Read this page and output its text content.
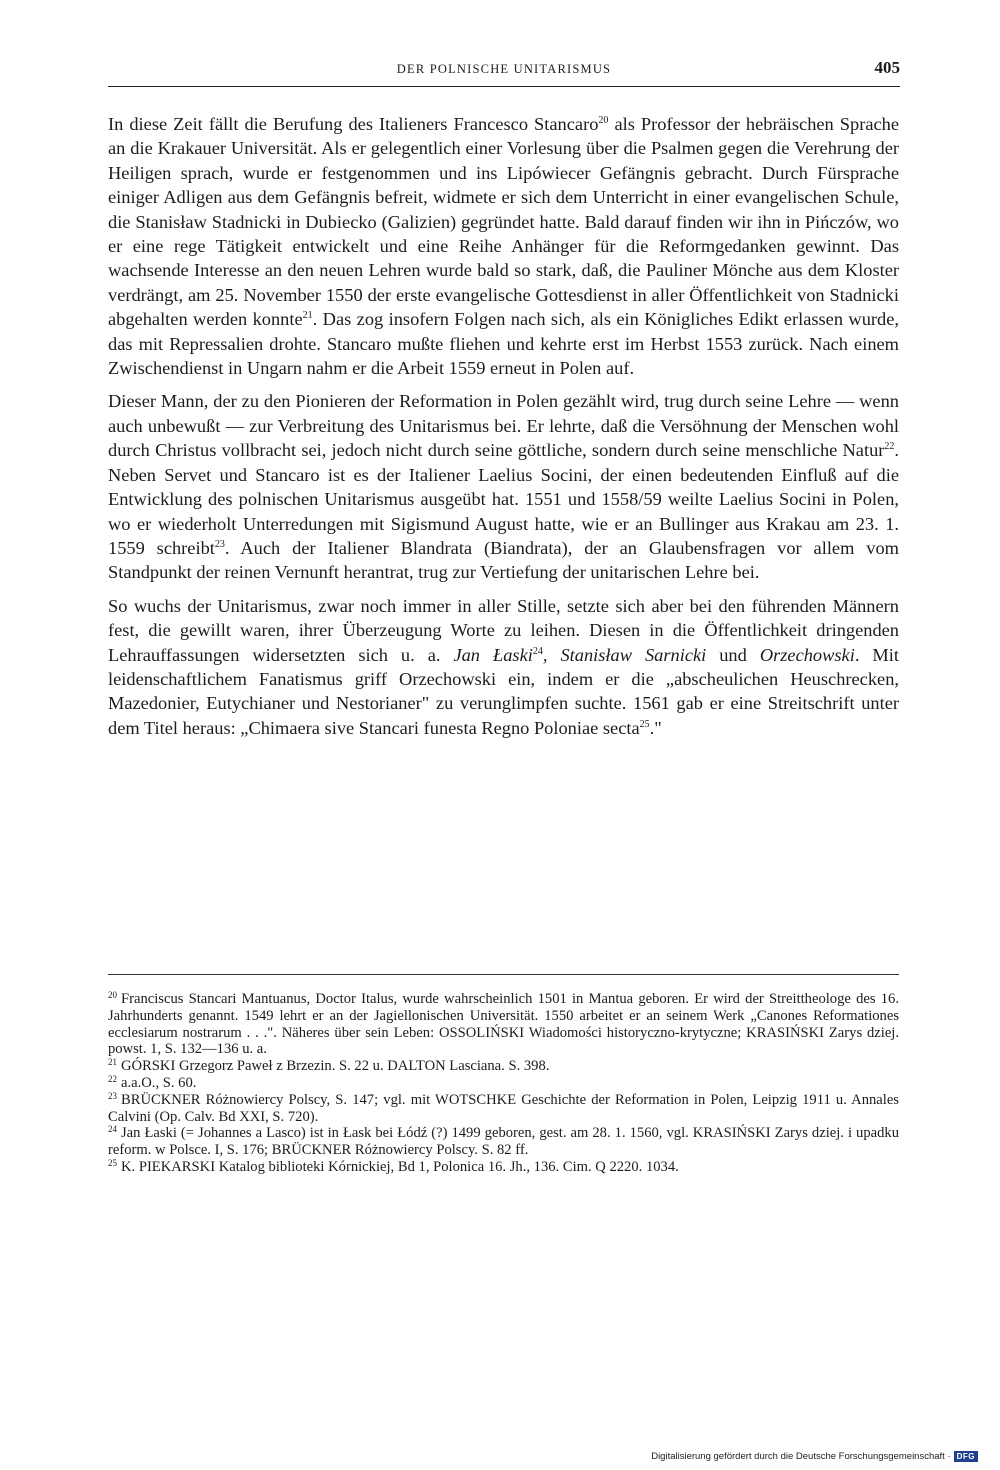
DER POLNISCHE UNITARISMUS	405

In diese Zeit fällt die Berufung des Italieners Francesco Stancaro$^{20}$ als Professor der hebräischen Sprache an die Krakauer Universität. Als er gelegentlich einer Vorlesung über die Psalmen gegen die Verehrung der Heiligen sprach, wurde er festgenommen und ins Lipówiecer Gefängnis gebracht. Durch Fürsprache einiger Adligen aus dem Gefängnis befreit, widmete er sich dem Unterricht in einer evangelischen Schule, die Stanisław Stadnicki in Dubiecko (Galizien) gegründet hatte. Bald darauf finden wir ihn in Pińczów, wo er eine rege Tätigkeit entwickelt und eine Reihe Anhänger für die Reformgedanken gewinnt. Das wachsende Interesse an den neuen Lehren wurde bald so stark, daß, die Pauliner Mönche aus dem Kloster verdrängt, am 25. November 1550 der erste evangelische Gottesdienst in aller Öffentlichkeit von Stadnicki abgehalten werden konnte$^{21}$. Das zog insofern Folgen nach sich, als ein Königliches Edikt erlassen wurde, das mit Repressalien drohte. Stancaro mußte fliehen und kehrte erst im Herbst 1553 zurück. Nach einem Zwischendienst in Ungarn nahm er die Arbeit 1559 erneut in Polen auf.

Dieser Mann, der zu den Pionieren der Reformation in Polen gezählt wird, trug durch seine Lehre — wenn auch unbewußt — zur Verbreitung des Unitarismus bei. Er lehrte, daß die Versöhnung der Menschen wohl durch Christus vollbracht sei, jedoch nicht durch seine göttliche, sondern durch seine menschliche Natur$^{22}$. Neben Servet und Stancaro ist es der Italiener Laelius Socini, der einen bedeutenden Einfluß auf die Entwicklung des polnischen Unitarismus ausgeübt hat. 1551 und 1558/59 weilte Laelius Socini in Polen, wo er wiederholt Unterredungen mit Sigismund August hatte, wie er an Bullinger aus Krakau am 23. 1. 1559 schreibt$^{23}$. Auch der Italiener Blandrata (Biandrata), der an Glaubensfragen vor allem vom Standpunkt der reinen Vernunft herantrat, trug zur Vertiefung der unitarischen Lehre bei.

So wuchs der Unitarismus, zwar noch immer in aller Stille, setzte sich aber bei den führenden Männern fest, die gewillt waren, ihrer Überzeugung Worte zu leihen. Diesen in die Öffentlichkeit dringenden Lehrauffassungen widersetzten sich u. a. Jan Łaski$^{24}$, Stanisław Sarnicki und Orzechowski. Mit leidenschaftlichem Fanatismus griff Orzechowski ein, indem er die „abscheulichen Heuschrecken, Mazedonier, Eutychianer und Nestorianer" zu verunglimpfen suchte. 1561 gab er eine Streitschrift unter dem Titel heraus: „Chimaera sive Stancari funesta Regno Poloniae secta$^{25}$."

$^{20}$ Franciscus Stancari Mantuanus, Doctor Italus, wurde wahrscheinlich 1501 in Mantua geboren. Er wird der Streittheologe des 16. Jahrhunderts genannt. 1549 lehrt er an der Jagiellonischen Universität. 1550 arbeitet er an seinem Werk „Canones Reformationes ecclesiarum nostrarum . . .". Näheres über sein Leben: OSSOLIŃSKI Wiadomości historyczno-krytyczne; KRASIŃSKI Zarys dziej. powst. 1, S. 132—136 u. a.

$^{21}$ GÓRSKI Grzegorz Paweł z Brzezin. S. 22 u. DALTON Lasciana. S. 398.

$^{22}$ a.a.O., S. 60.

$^{23}$ BRÜCKNER Różnowiercy Polscy, S. 147; vgl. mit WOTSCHKE Geschichte der Reformation in Polen, Leipzig 1911 u. Annales Calvini (Op. Calv. Bd XXI, S. 720).

$^{24}$ Jan Łaski (= Johannes a Lasco) ist in Łask bei Łódź (?) 1499 geboren, gest. am 28. 1. 1560, vgl. KRASIŃSKI Zarys dziej. i upadku reform. w Polsce. I, S. 176; BRÜCKNER Różnowiercy Polscy. S. 82 ff.

$^{25}$ K. PIEKARSKI Katalog biblioteki Kórnickiej, Bd 1, Polonica 16. Jh., 136. Cim. Q 2220. 1034.

Digitalisierung gefördert durch die Deutsche Forschungsgemeinschaft · DFG
